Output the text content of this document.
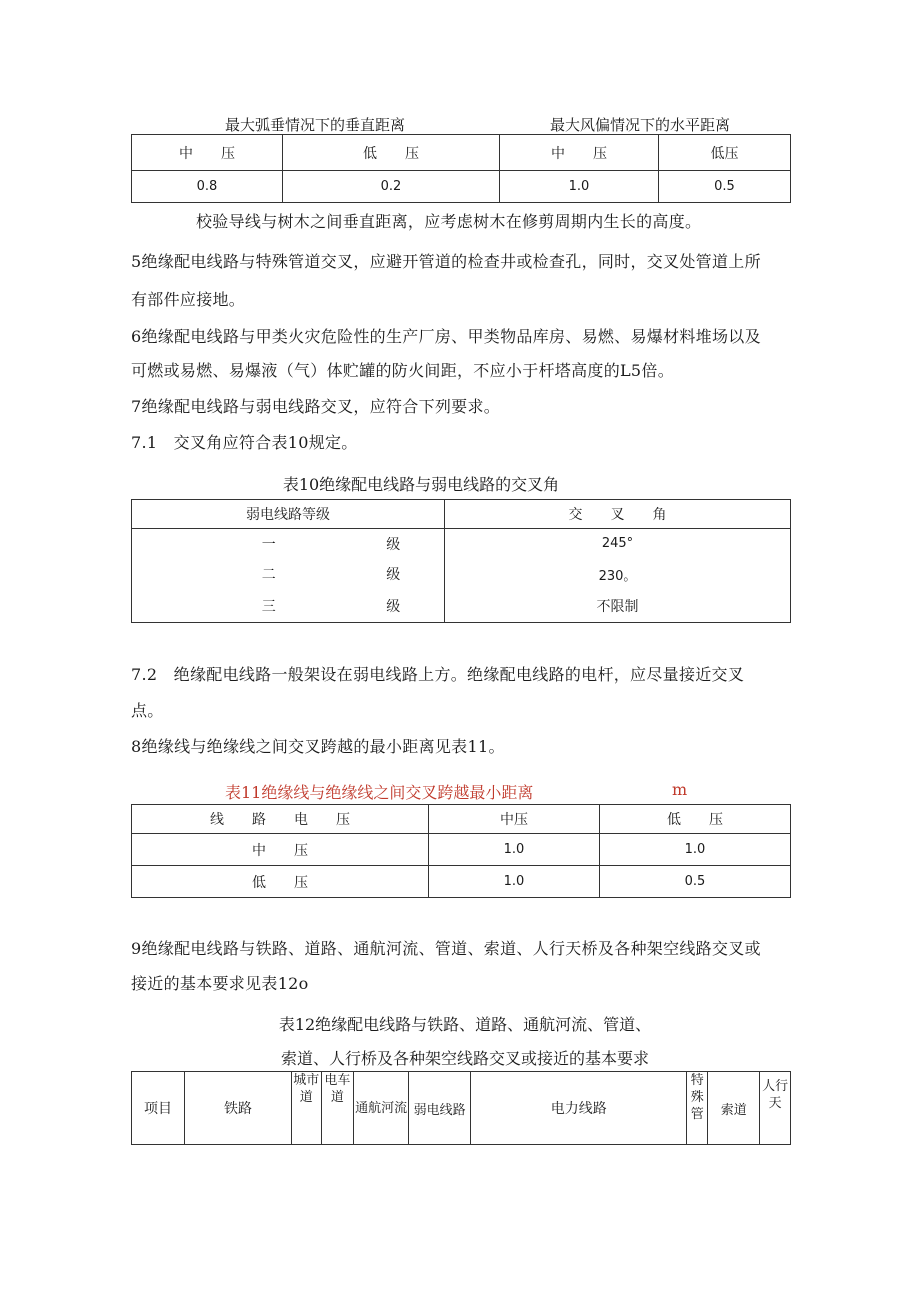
最大弧垂情况下的垂直距离	最大风偏情况下的水平距离
中　　压	低　　压	中　　压	低压
0.8	0.2	1.0	0.5
校验导线与树木之间垂直距离，应考虑树木在修剪周期内生长的高度。
5绝缘配电线路与特殊管道交叉，应避开管道的检查井或检查孔，同时，交叉处管道上所
有部件应接地。
6绝缘配电线路与甲类火灾危险性的生产厂房、甲类物品库房、易燃、易爆材料堆场以及
可燃或易燃、易爆液（气）体贮罐的防火间距，不应小于杆塔高度的L5倍。
7绝缘配电线路与弱电线路交叉，应符合下列要求。
7.1　交叉角应符合表10规定。
表10绝缘配电线路与弱电线路的交叉角
弱电线路等级	交　　叉　　角
一 级	245°
二 级	230。
三 级	不限制
7.2　绝缘配电线路一般架设在弱电线路上方。绝缘配电线路的电杆，应尽量接近交叉
点。
8绝缘线与绝缘线之间交叉跨越的最小距离见表11。
表11绝缘线与绝缘线之间交叉跨越最小距离	m
线　　路　　电　　压	中压	低　　压
中　　压	1.0	1.0
低　　压	1.0	0.5
9绝缘配电线路与铁路、道路、通航河流、管道、索道、人行天桥及各种架空线路交叉或
接近的基本要求见表12o
表12绝缘配电线路与铁路、道路、通航河流、管道、
索道、人行桥及各种架空线路交叉或接近的基本要求
项目	铁路	城市道	电车道	通航河流	弱电线路	电力线路	特殊管	索道	人行天
